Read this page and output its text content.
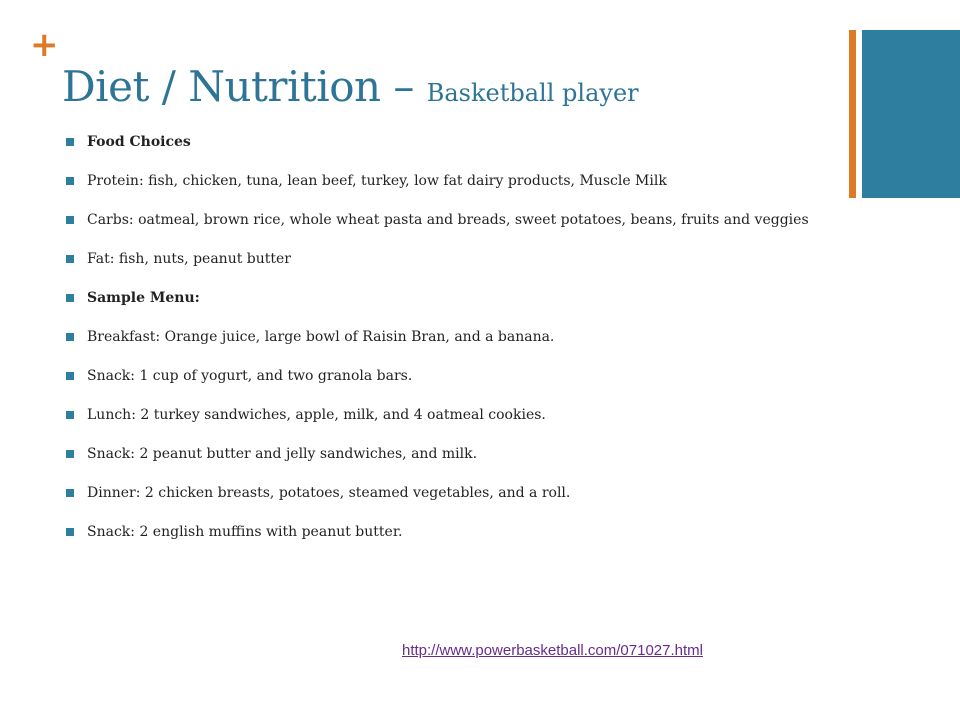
+
Diet / Nutrition – Basketball player
Food Choices
Protein: fish, chicken, tuna, lean beef, turkey, low fat dairy products, Muscle Milk
Carbs: oatmeal, brown rice, whole wheat pasta and breads, sweet potatoes, beans, fruits and veggies
Fat: fish, nuts, peanut butter
Sample Menu:
Breakfast: Orange juice, large bowl of Raisin Bran, and a banana.
Snack: 1 cup of yogurt, and two granola bars.
Lunch: 2 turkey sandwiches, apple, milk, and 4 oatmeal cookies.
Snack: 2 peanut butter and jelly sandwiches, and milk.
Dinner: 2 chicken breasts, potatoes, steamed vegetables, and a roll.
Snack: 2 english muffins with peanut butter.
http://www.powerbasketball.com/071027.html
